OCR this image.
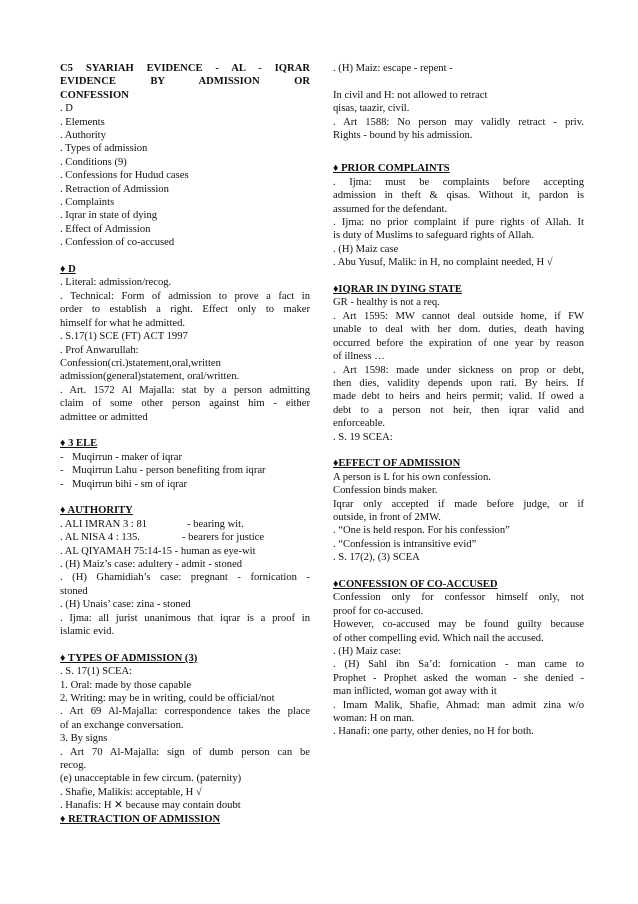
C5 SYARIAH EVIDENCE - AL - IQRAR
EVIDENCE BY ADMISSION OR
CONFESSION
. D
. Elements
. Authority
. Types of admission
. Conditions (9)
. Confessions for Hudud cases
. Retraction of Admission
. Complaints
. Iqrar in state of dying
. Effect of Admission
. Confession of co-accused
♦ D
. Literal: admission/recog.
. Technical: Form of admission to prove a fact in
order to establish a right. Effect only to maker
himself for what he admitted.
. S.17(1) SCE (FT) ACT 1997
. Prof Anwarullah:
Confession(cri.)statement,oral,written
admission(general)statement, oral/written.
. Art. 1572 Al Majalla: stat by a person admitting
claim of some other person against him - either
admittee or admitted
♦ 3 ELE
- Muqirrun - maker of iqrar
- Muqirrun Lahu - person benefiting from iqrar
- Muqirrun bihi - sm of iqrar
♦ AUTHORITY
. ALI IMRAN 3 : 81	- bearing wit.
. AL NISA 4 : 135.	- bearers for justice
. AL QIYAMAH 75:14-15 - human as eye-wit
. (H) Maiz’s case: adultery - admit - stoned
. (H) Ghamidiah’s case: pregnant - fornication -
stoned
. (H) Unais’ case: zina - stoned
. Ijma: all jurist unanimous that iqrar is a proof in
islamic evid.
♦ TYPES OF ADMISSION (3)
. S. 17(1) SCEA:
1. Oral: made by those capable
2. Writing: may be in writing, could be official/not
. Art 69 Al-Majalla: correspondence takes the place
of an exchange conversation.
3. By signs
. Art 70 Al-Majalla: sign of dumb person can be
recog.
(e) unacceptable in few circum. (paternity)
. Shafie, Malikis: acceptable, H √
. Hanafis: H ✕ because may contain doubt
♦ RETRACTION OF ADMISSION
. (H) Maiz: escape - repent -
In civil and H: not allowed to retract
qisas, taazir, civil.
. Art 1588: No person may validly retract - priv.
Rights - bound by his admission.
♦ PRIOR COMPLAINTS
. Ijma: must be complaints before accepting
admission in theft & qisas. Without it, pardon is
assumed for the defendant.
. Ijma: no prior complaint if pure rights of Allah. It
is duty of Muslims to safeguard rights of Allah.
. (H) Maiz case
. Abu Yusuf, Malik: in H, no complaint needed, H √
♦IQRAR IN DYING STATE
GR - healthy is not a req.
. Art 1595: MW cannot deal outside home, if FW
unable to deal with her dom. duties, death having
occurred before the expiration of one year by reason
of illness …
. Art 1598: made under sickness on prop or debt,
then dies, validity depends upon rati. By heirs. If
made debt to heirs and heirs permit; valid. If owed a
debt to a person not heir, then iqrar valid and
enforceable.
. S. 19 SCEA:
♦EFFECT OF ADMISSION
A person is L for his own confession.
Confession binds maker.
Iqrar only accepted if made before judge, or if
outside, in front of 2MW.
. “One is held respon. For his confession”
. “Confession is intransitive evid”
. S. 17(2), (3) SCEA
♦CONFESSION OF CO-ACCUSED
Confession only for confessor himself only, not
proof for co-accused.
However, co-accused may be found guilty because
of other compelling evid. Which nail the accused.
. (H) Maiz case:
. (H) Sahl ibn Sa’d: fornication - man came to
Prophet - Prophet asked the woman - she denied -
man inflicted, woman got away with it
. Imam Malik, Shafie, Ahmad: man admit zina w/o
woman: H on man.
. Hanafi: one party, other denies, no H for both.
